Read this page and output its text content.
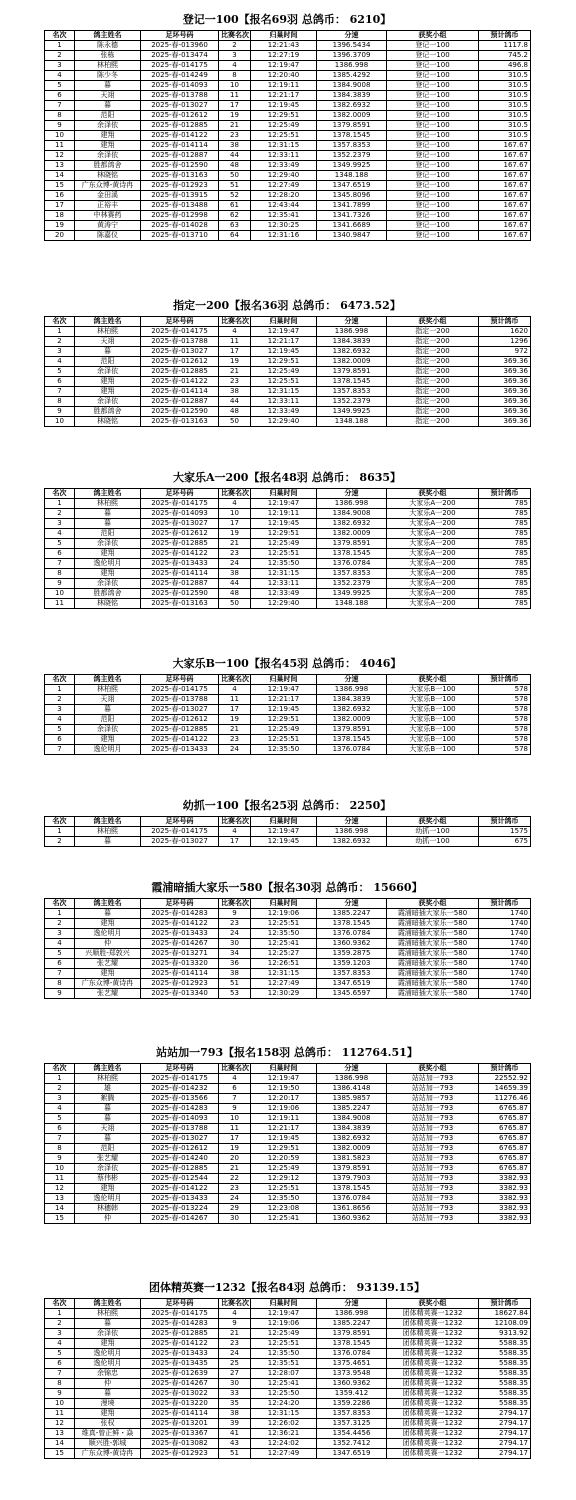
登记一100【报名69羽 总鸽币： 6210】
名次	鸽主姓名	足环号码	比赛名次	归巢时间	分速	获奖小组	预计鸽币
1	陈永德	2025-春-013960	2	12:21:43	1396.5434	登记一100	1117.8
2	张栋	2025-春-013474	3	12:27:19	1396.3709	登记一100	745.2
3	林柏熙	2025-春-014175	4	12:19:47	1386.998	登记一100	496.8
4	陈少冬	2025-春-014249	8	12:20:40	1385.4292	登记一100	310.5
5	暮	2025-春-014093	10	12:19:11	1384.9008	登记一100	310.5
6	天翊	2025-春-013788	11	12:21:17	1384.3839	登记一100	310.5
7	暮	2025-春-013027	17	12:19:45	1382.6932	登记一100	310.5
8	范阳	2025-春-012612	19	12:29:51	1382.0009	登记一100	310.5
9	余泽依	2025-春-012885	21	12:25:49	1379.8591	登记一100	310.5
10	建翔	2025-春-014122	23	12:25:51	1378.1545	登记一100	310.5
11	建翔	2025-春-014114	38	12:31:15	1357.8353	登记一100	167.67
12	余泽依	2025-春-012887	44	12:33:11	1352.2379	登记一100	167.67
13	胜都鸽舍	2025-春-012590	48	12:33:49	1349.9925	登记一100	167.67
14	林晓铭	2025-春-013163	50	12:29:40	1348.188	登记一100	167.67
15	广东众博-黄诗冉	2025-春-012923	51	12:27:49	1347.6519	登记一100	167.67
16	金田溪	2025-春-013915	52	12:28:20	1345.8096	登记一100	167.67
17	正裕丰	2025-春-013488	61	12:43:44	1341.7899	登记一100	167.67
18	中林赛药	2025-春-012998	62	12:35:41	1341.7326	登记一100	167.67
19	黄涛宁	2025-春-014028	63	12:30:25	1341.6689	登记一100	167.67
20	陈嘉仪	2025-春-013710	64	12:31:16	1340.9847	登记一100	167.67
指定一200【报名36羽 总鸽币： 6473.52】
名次	鸽主姓名	足环号码	比赛名次	归巢时间	分速	获奖小组	预计鸽币
1	林柏熙	2025-春-014175	4	12:19:47	1386.998	指定一200	1620
2	天翊	2025-春-013788	11	12:21:17	1384.3839	指定一200	1296
3	暮	2025-春-013027	17	12:19:45	1382.6932	指定一200	972
4	范阳	2025-春-012612	19	12:29:51	1382.0009	指定一200	369.36
5	余泽依	2025-春-012885	21	12:25:49	1379.8591	指定一200	369.36
6	建翔	2025-春-014122	23	12:25:51	1378.1545	指定一200	369.36
7	建翔	2025-春-014114	38	12:31:15	1357.8353	指定一200	369.36
8	余泽依	2025-春-012887	44	12:33:11	1352.2379	指定一200	369.36
9	胜都鸽舍	2025-春-012590	48	12:33:49	1349.9925	指定一200	369.36
10	林晓铭	2025-春-013163	50	12:29:40	1348.188	指定一200	369.36
大家乐A一200【报名48羽 总鸽币： 8635】
名次	鸽主姓名	足环号码	比赛名次	归巢时间	分速	获奖小组	预计鸽币
1	林柏熙	2025-春-014175	4	12:19:47	1386.998	大家乐A一200	785
2	暮	2025-春-014093	10	12:19:11	1384.9008	大家乐A一200	785
3	暮	2025-春-013027	17	12:19:45	1382.6932	大家乐A一200	785
4	范阳	2025-春-012612	19	12:29:51	1382.0009	大家乐A一200	785
5	余泽依	2025-春-012885	21	12:25:49	1379.8591	大家乐A一200	785
6	建翔	2025-春-014122	23	12:25:51	1378.1545	大家乐A一200	785
7	逸伦明月	2025-春-013433	24	12:35:50	1376.0784	大家乐A一200	785
8	建翔	2025-春-014114	38	12:31:15	1357.8353	大家乐A一200	785
9	余泽依	2025-春-012887	44	12:33:11	1352.2379	大家乐A一200	785
10	胜都鸽舍	2025-春-012590	48	12:33:49	1349.9925	大家乐A一200	785
11	林晓铭	2025-春-013163	50	12:29:40	1348.188	大家乐A一200	785
大家乐B一100【报名45羽 总鸽币： 4046】
名次	鸽主姓名	足环号码	比赛名次	归巢时间	分速	获奖小组	预计鸽币
1	林柏熙	2025-春-014175	4	12:19:47	1386.998	大家乐B一100	578
2	天翊	2025-春-013788	11	12:21:17	1384.3839	大家乐B一100	578
3	暮	2025-春-013027	17	12:19:45	1382.6932	大家乐B一100	578
4	范阳	2025-春-012612	19	12:29:51	1382.0009	大家乐B一100	578
5	余泽依	2025-春-012885	21	12:25:49	1379.8591	大家乐B一100	578
6	建翔	2025-春-014122	23	12:25:51	1378.1545	大家乐B一100	578
7	逸伦明月	2025-春-013433	24	12:35:50	1376.0784	大家乐B一100	578
幼抓一100【报名25羽 总鸽币： 2250】
名次	鸽主姓名	足环号码	比赛名次	归巢时间	分速	获奖小组	预计鸽币
1	林柏熙	2025-春-014175	4	12:19:47	1386.998	幼抓一100	1575
2	暮	2025-春-013027	17	12:19:45	1382.6932	幼抓一100	675
霞浦暗插大家乐一580【报名30羽 总鸽币： 15660】
名次	鸽主姓名	足环号码	比赛名次	归巢时间	分速	获奖小组	预计鸽币
1	暮	2025-春-014283	9	12:19:06	1385.2247	霞浦暗插大家乐一580	1740
2	建翔	2025-春-014122	23	12:25:51	1378.1545	霞浦暗插大家乐一580	1740
3	逸伦明月	2025-春-013433	24	12:35:50	1376.0784	霞浦暗插大家乐一580	1740
4	仲	2025-春-014267	30	12:25:41	1360.9362	霞浦暗插大家乐一580	1740
5	兴顺胜-郑敦兴	2025-春-013271	34	12:25:27	1359.2875	霞浦暗插大家乐一580	1740
6	张艺耀	2025-春-013320	36	12:26:51	1359.1203	霞浦暗插大家乐一580	1740
7	建翔	2025-春-014114	38	12:31:15	1357.8353	霞浦暗插大家乐一580	1740
8	广东众博-黄诗冉	2025-春-012923	51	12:27:49	1347.6519	霞浦暗插大家乐一580	1740
9	张艺耀	2025-春-013340	53	12:30:29	1345.6597	霞浦暗插大家乐一580	1740
站站加一793【报名158羽 总鸽币： 112764.51】
名次	鸽主姓名	足环号码	比赛名次	归巢时间	分速	获奖小组	预计鸽币
1	林柏熙	2025-春-014175	4	12:19:47	1386.998	站站加一793	22552.92
2	雄	2025-春-014232	6	12:19:50	1386.4148	站站加一793	14659.39
3	絮腾	2025-春-013566	7	12:20:17	1385.9857	站站加一793	11276.46
4	暮	2025-春-014283	9	12:19:06	1385.2247	站站加一793	6765.87
5	暮	2025-春-014093	10	12:19:11	1384.9008	站站加一793	6765.87
6	天翊	2025-春-013788	11	12:21:17	1384.3839	站站加一793	6765.87
7	暮	2025-春-013027	17	12:19:45	1382.6932	站站加一793	6765.87
8	范阳	2025-春-012612	19	12:29:51	1382.0009	站站加一793	6765.87
9	张艺耀	2025-春-014240	20	12:20:59	1381.5823	站站加一793	6765.87
10	余泽依	2025-春-012885	21	12:25:49	1379.8591	站站加一793	6765.87
11	蔡伟彬	2025-春-012544	22	12:29:12	1379.7903	站站加一793	3382.93
12	建翔	2025-春-014122	23	12:25:51	1378.1545	站站加一793	3382.93
13	逸伦明月	2025-春-013433	24	12:35:50	1376.0784	站站加一793	3382.93
14	林穗韩	2025-春-013224	29	12:23:08	1361.8656	站站加一793	3382.93
15	仲	2025-春-014267	30	12:25:41	1360.9362	站站加一793	3382.93
团体精英赛一1232【报名84羽 总鸽币： 93139.15】
名次	鸽主姓名	足环号码	比赛名次	归巢时间	分速	获奖小组	预计鸽币
1	林柏熙	2025-春-014175	4	12:19:47	1386.998	团体精英赛一1232	18627.84
2	暮	2025-春-014283	9	12:19:06	1385.2247	团体精英赛一1232	12108.09
3	余泽依	2025-春-012885	21	12:25:49	1379.8591	团体精英赛一1232	9313.92
4	建翔	2025-春-014122	23	12:25:51	1378.1545	团体精英赛一1232	5588.35
5	逸伦明月	2025-春-013433	24	12:35:50	1376.0784	团体精英赛一1232	5588.35
6	逸伦明月	2025-春-013435	25	12:35:51	1375.4651	团体精英赛一1232	5588.35
7	余锦忠	2025-春-012639	27	12:28:07	1373.9548	团体精英赛一1232	5588.35
8	仲	2025-春-014267	30	12:25:41	1360.9362	团体精英赛一1232	5588.35
9	暮	2025-春-013022	33	12:25:50	1359.412	团体精英赛一1232	5588.35
10	漫境	2025-春-013220	35	12:24:20	1359.2286	团体精英赛一1232	5588.35
11	建翔	2025-春-014114	38	12:31:15	1357.8353	团体精英赛一1232	2794.17
12	张权	2025-春-013201	39	12:26:02	1357.3125	团体精英赛一1232	2794.17
13	维真-曾正鲜・焱	2025-春-013367	41	12:36:21	1354.4456	团体精英赛一1232	2794.17
14	顺兴胜-郭城	2025-春-013082	43	12:24:02	1352.7412	团体精英赛一1232	2794.17
15	广东众博-黄诗冉	2025-春-012923	51	12:27:49	1347.6519	团体精英赛一1232	2794.17
